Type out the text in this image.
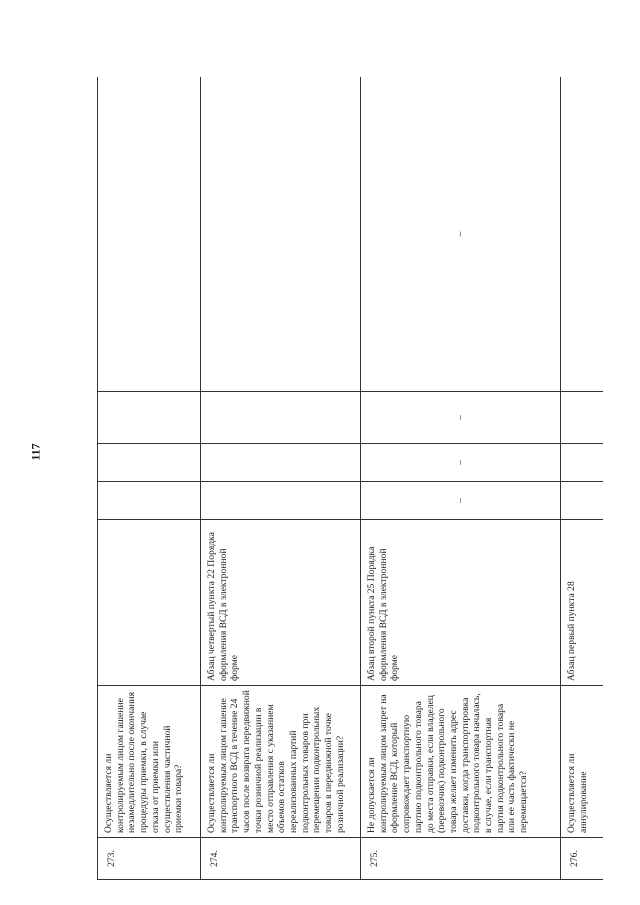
117
273.	Осуществляется ли контролируемым лицом гашение незамедлительно после окончания процедуры приемки, в случае отказа от приемки или осуществления частичной приемки товара?					
274.	Осуществляется ли контролируемым лицом гашение транспортного ВСД в течение 24 часов после возврата передвижной точки розничной реализации в место отправления с указанием объемов остатков нереализованных партий подконтрольных товаров при перемещении подконтрольных товаров в передвижной точке розничной реализации?	Абзац четвертый пункта 22 Порядка оформления ВСД в электронной форме				
275.	Не допускается ли контролируемым лицом запрет на оформление ВСД, который сопровождает транспортную партию подконтрольного товара до места отправки, если владелец (перевозчик) подконтрольного товара желает изменить адрес доставки, когда транспортировка подконтрольного товара началась, в случае, если транспортная партия подконтрольного товара или ее часть фактически не перемещается?	Абзац второй пункта 25 Порядка оформления ВСД в электронной форме	–	–	–	–
276.	Осуществляется ли аннулирование	Абзац первый пункта 28				
